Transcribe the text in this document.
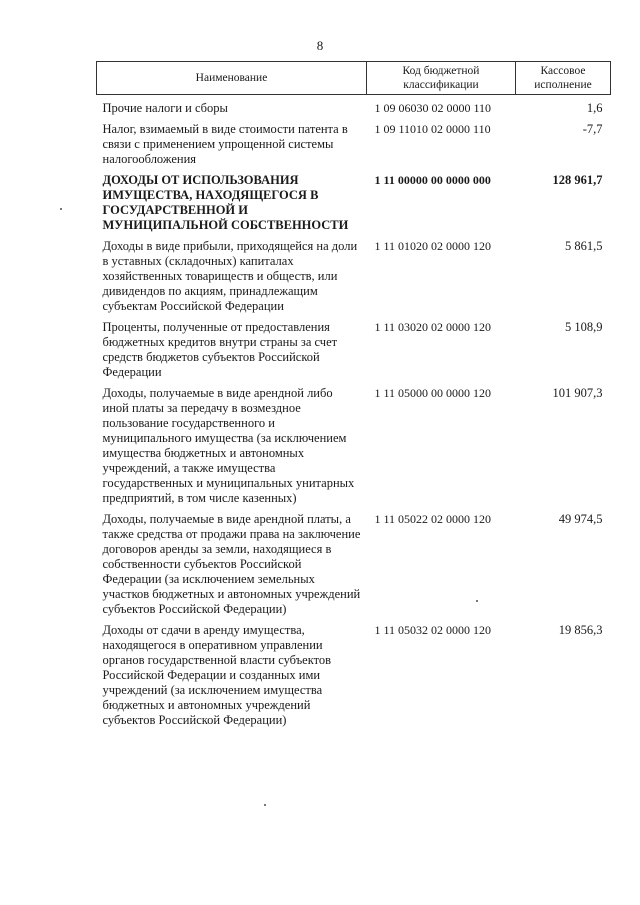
8
Наименование	Код бюджетной классификации	Кассовое исполнение
Прочие налоги и сборы	1 09 06030 02 0000 110	1,6
Налог, взимаемый в виде стоимости патента в связи с применением упрощенной системы налогообложения	1 09 11010 02 0000 110	-7,7
ДОХОДЫ ОТ ИСПОЛЬЗОВАНИЯ ИМУЩЕСТВА, НАХОДЯЩЕГОСЯ В ГОСУДАРСТВЕННОЙ И МУНИЦИПАЛЬНОЙ СОБСТВЕННОСТИ	1 11 00000 00 0000 000	128 961,7
Доходы в виде прибыли, приходящейся на доли в уставных (складочных) капиталах хозяйственных товариществ и обществ, или дивидендов по акциям, принадлежащим субъектам Российской Федерации	1 11 01020 02 0000 120	5 861,5
Проценты, полученные от предоставления бюджетных кредитов внутри страны за счет средств бюджетов субъектов Российской Федерации	1 11 03020 02 0000 120	5 108,9
Доходы, получаемые в виде арендной либо иной платы за передачу в возмездное пользование государственного и муниципального имущества (за исключением имущества бюджетных и автономных учреждений, а также имущества государственных и муниципальных унитарных предприятий, в том числе казенных)	1 11 05000 00 0000 120	101 907,3
Доходы, получаемые в виде арендной платы, а также средства от продажи права на заключение договоров аренды за земли, находящиеся в собственности субъектов Российской Федерации (за исключением земельных участков бюджетных и автономных учреждений субъектов Российской Федерации)	1 11 05022 02 0000 120	49 974,5
Доходы от сдачи в аренду имущества, находящегося в оперативном управлении органов государственной власти субъектов Российской Федерации и созданных ими учреждений (за исключением имущества бюджетных и автономных учреждений субъектов Российской Федерации)	1 11 05032 02 0000 120	19 856,3
